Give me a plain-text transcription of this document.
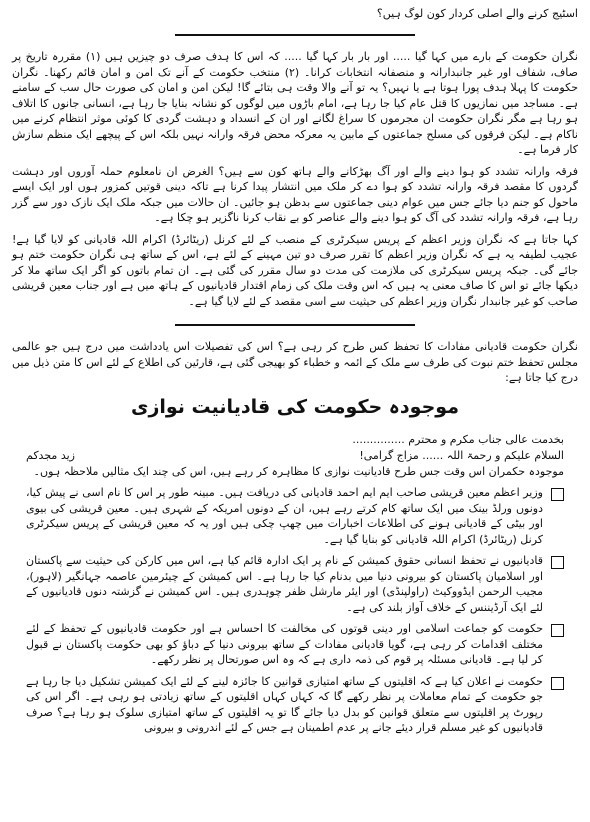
اسٹیج کرنے والے اصلی کردار کون لوگ ہیں؟

نگران حکومت کے بارے میں کہا گیا ..... اور بار بار کہا گیا ..... کہ اس کا ہدف صرف دو چیزیں ہیں (۱) مقررہ تاریخ پر صاف، شفاف اور غیر جانبدارانہ و منصفانہ انتخابات کرانا۔ (۲) منتخب حکومت کے آنے تک امن و امان قائم رکھنا۔ نگران حکومت کا پہلا ہدف پورا ہوتا ہے یا نہیں؟ یہ تو آنے والا وقت ہی بتائے گا! لیکن امن و امان کی صورت حال سب کے سامنے ہے۔ مساجد میں نمازیوں کا قتل عام کیا جا رہا ہے، امام باڑوں میں لوگوں کو نشانہ بنایا جا رہا ہے، انسانی جانوں کا اتلاف ہو رہا ہے مگر نگران حکومت ان مجرموں کا سراغ لگانے اور ان کے انسداد و دہشت گردی کا کوئی موثر انتظام کرنے میں ناکام ہے۔ لیکن فرقوں کی مسلح جماعتوں کے مابین یہ معرکہ محض فرقہ وارانہ نہیں بلکہ اس کے پیچھے ایک منظم سازش کار فرما ہے۔

فرقہ وارانہ تشدد کو ہوا دینے والے اور آگ بھڑکانے والے ہاتھ کون سے ہیں؟ الغرض ان نامعلوم حملہ آوروں اور دہشت گردوں کا مقصد فرقہ وارانہ تشدد کو ہوا دے کر ملک میں انتشار پیدا کرنا ہے تاکہ دینی قوتیں کمزور ہوں اور ایک ایسے ماحول کو جنم دیا جائے جس میں عوام دینی جماعتوں سے بدظن ہو جائیں۔ ان حالات میں جبکہ ملک ایک نازک دور سے گزر رہا ہے، فرقہ وارانہ تشدد کی آگ کو ہوا دینے والے عناصر کو بے نقاب کرنا ناگزیر ہو چکا ہے۔

کہا جاتا ہے کہ نگران وزیر اعظم کے پریس سیکرٹری کے منصب کے لئے کرنل (ریٹائرڈ) اکرام اللہ قادیانی کو لایا گیا ہے! عجیب لطیفہ یہ ہے کہ نگران وزیر اعظم کا تقرر صرف دو تین مہینے کے لئے ہے، اس کے ساتھ ہی نگران حکومت ختم ہو جائے گی۔ جبکہ پریس سیکرٹری کی ملازمت کی مدت دو سال مقرر کی گئی ہے۔ ان تمام باتوں کو اگر ایک ساتھ ملا کر دیکھا جائے تو اس کا صاف معنی یہ ہیں کہ اس وقت ملک کی زمام اقتدار قادیانیوں کے ہاتھ میں ہے اور جناب معین قریشی صاحب کو غیر جانبدار نگران وزیر اعظم کی حیثیت سے اسی مقصد کے لئے لایا گیا ہے۔

نگران حکومت قادیانی مفادات کا تحفظ کس طرح کر رہی ہے؟ اس کی تفصیلات اس یادداشت میں درج ہیں جو عالمی مجلس تحفظ ختم نبوت کی طرف سے ملک کے ائمہ و خطباء کو بھیجی گئی ہے، قارئین کی اطلاع کے لئے اس کا متن ذیل میں درج کیا جاتا ہے:

موجودہ حکومت کی قادیانیت نوازی

بخدمت عالی جناب مکرم و محترم ...............

السلام علیکم و رحمۃ اللہ ...... مزاج گرامی!
زید مجدکم

موجودہ حکمران اس وقت جس طرح قادیانیت نوازی کا مظاہرہ کر رہے ہیں، اس کی چند ایک مثالیں ملاحظہ ہوں۔

وزیر اعظم معین قریشی صاحب ایم ایم احمد قادیانی کی دریافت ہیں۔ مبینہ طور پر اس کا نام اسی نے پیش کیا، دونوں ورلڈ بینک میں ایک ساتھ کام کرتے رہے ہیں، ان کے دونوں امریکہ کے شہری ہیں۔ معین قریشی کی بیوی اور بیٹی کے قادیانی ہونے کی اطلاعات اخبارات میں چھپ چکی ہیں اور یہ کہ معین قریشی کے پریس سیکرٹری کرنل (ریٹائرڈ) اکرام اللہ قادیانی کو بنایا گیا ہے۔
قادیانیوں نے تحفظ انسانی حقوق کمیشن کے نام پر ایک ادارہ قائم کیا ہے، اس میں کارکن کی حیثیت سے پاکستان اور اسلامیان پاکستان کو بیرونی دنیا میں بدنام کیا جا رہا ہے۔ اس کمیشن کے چیئرمین عاصمہ جہانگیر (لاہور)، مجیب الرحمن ایڈووکیٹ (راولپنڈی) اور ایئر مارشل ظفر چوہدری ہیں۔ اس کمیشن نے گزشتہ دنوں قادیانیوں کے لئے ایک آرڈیننس کے خلاف آواز بلند کی ہے۔
حکومت کو جماعت اسلامی اور دینی قوتوں کی مخالفت کا احساس ہے اور حکومت قادیانیوں کے تحفظ کے لئے مختلف اقدامات کر رہی ہے، گویا قادیانی مفادات کے ساتھ بیرونی دنیا کے دباؤ کو بھی حکومت پاکستان نے قبول کر لیا ہے۔ قادیانی مسئلہ پر قوم کی ذمہ داری ہے کہ وہ اس صورتحال پر نظر رکھے۔
حکومت نے اعلان کیا ہے کہ اقلیتوں کے ساتھ امتیازی قوانین کا جائزہ لینے کے لئے ایک کمیشن تشکیل دیا جا رہا ہے جو حکومت کے تمام معاملات پر نظر رکھے گا کہ کہاں کہاں اقلیتوں کے ساتھ زیادتی ہو رہی ہے۔ اگر اس کی رپورٹ پر اقلیتوں سے متعلق قوانین کو بدل دیا جائے گا تو یہ اقلیتوں کے ساتھ امتیازی سلوک ہو رہا ہے؟ صرف قادیانیوں کو غیر مسلم قرار دیئے جانے پر عدم اطمینان ہے جس کے لئے اندرونی و بیرونی
